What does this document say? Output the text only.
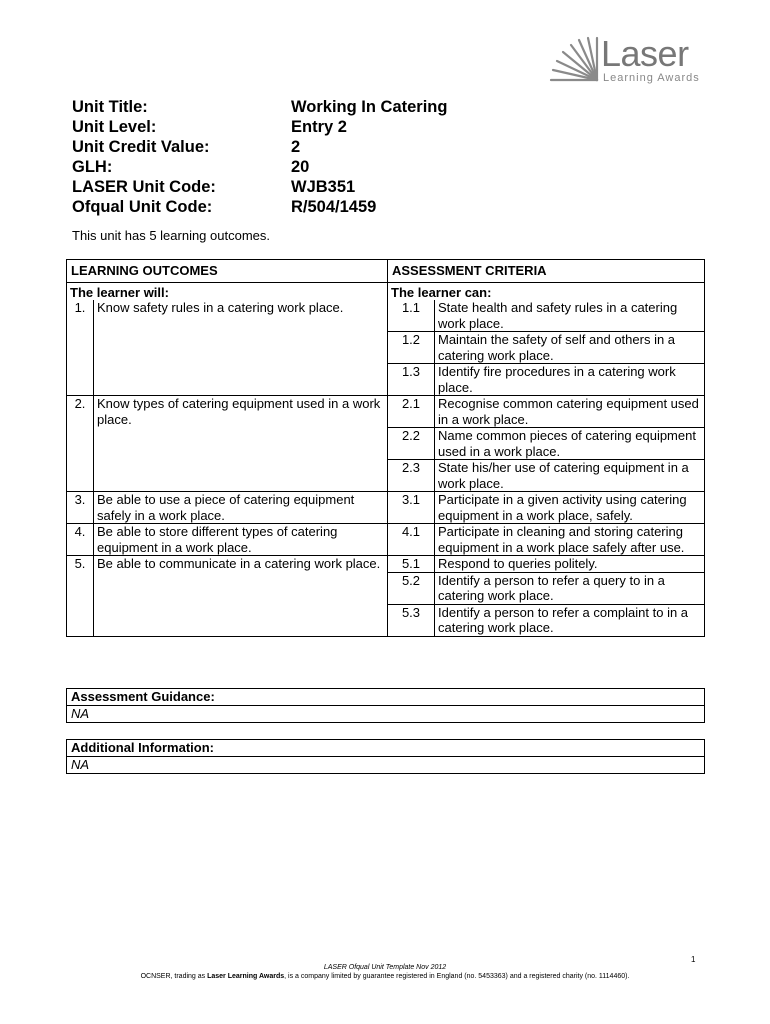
Laser
Learning Awards
Unit Title:	Working In Catering
Unit Level:	Entry 2
Unit Credit Value:	2
GLH:	20
LASER Unit Code:	WJB351
Ofqual Unit Code:	R/504/1459
This unit has 5 learning outcomes.
LEARNING OUTCOMES		ASSESSMENT CRITERIA	
The learner will:		The learner can:	
1.	Know safety rules in a catering work place.	1.1	State health and safety rules in a catering work place.
		1.2	Maintain the safety of self and others in a catering work place.
		1.3	Identify fire procedures in a catering work place.
2.	Know types of catering equipment used in a work place.	2.1	Recognise common catering equipment used in a work place.
		2.2	Name common pieces of catering equipment used in a work place.
		2.3	State his/her use of catering equipment in a work place.
3.	Be able to use a piece of catering equipment safely in a work place.	3.1	Participate in a given activity using catering equipment in a work place, safely.
4.	Be able to store different types of catering equipment in a work place.	4.1	Participate in cleaning and storing catering equipment in a work place safely after use.
5.	Be able to communicate in a catering work place.	5.1	Respond to queries politely.
		5.2	Identify a person to refer a query to in a catering work place.
		5.3	Identify a person to refer a complaint to in a catering work place.
Assessment Guidance:
NA
Additional Information:
NA
1
LASER Ofqual Unit Template Nov 2012
OCNSER, trading as Laser Learning Awards, is a company limited by guarantee registered in England (no. 5453363) and a registered charity (no. 1114460).
